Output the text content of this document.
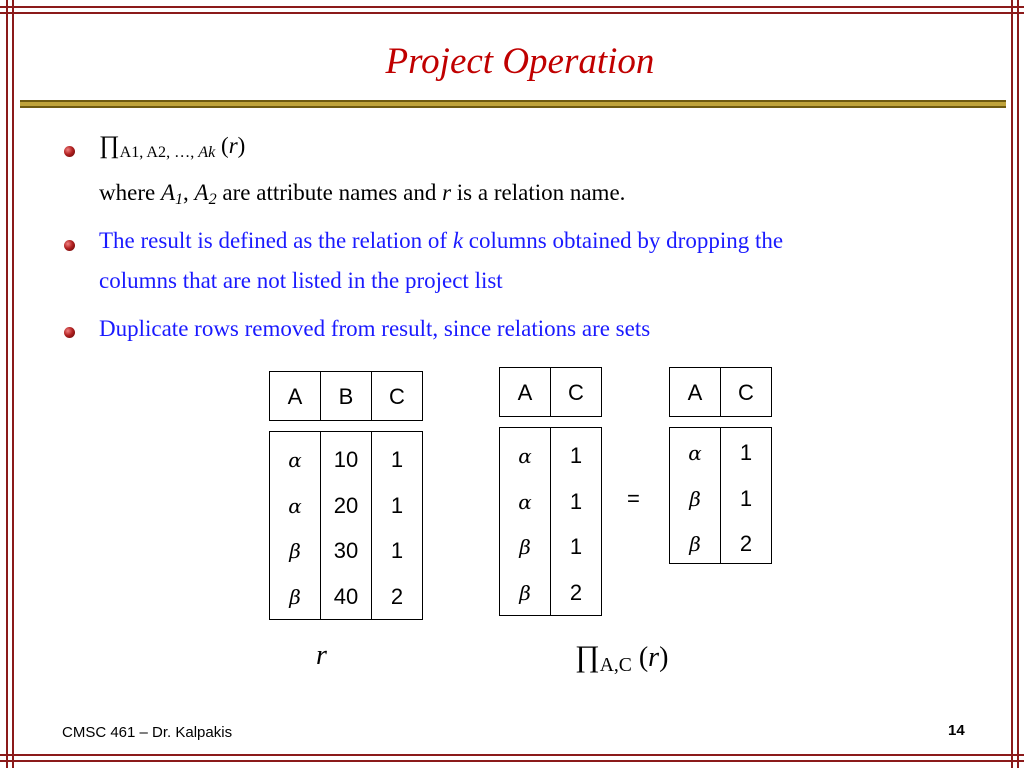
Project Operation
$\prod_{A1, A2, \dots, Ak}$ (r)
where $A_1$, $A_2$ are attribute names and r is a relation name.
The result is defined as the relation of k columns obtained by dropping the
columns that are not listed in the project list
Duplicate rows removed from result, since relations are sets
A	B	C
α	10	1
α	20	1
β	30	1
β	40	2
r
A	C
α	1
α	1
β	1
β	2
$\prod_{A,C}$ (r)
=
A	C
α	1
β	1
β	2
CMSC 461 – Dr. Kalpakis	14
